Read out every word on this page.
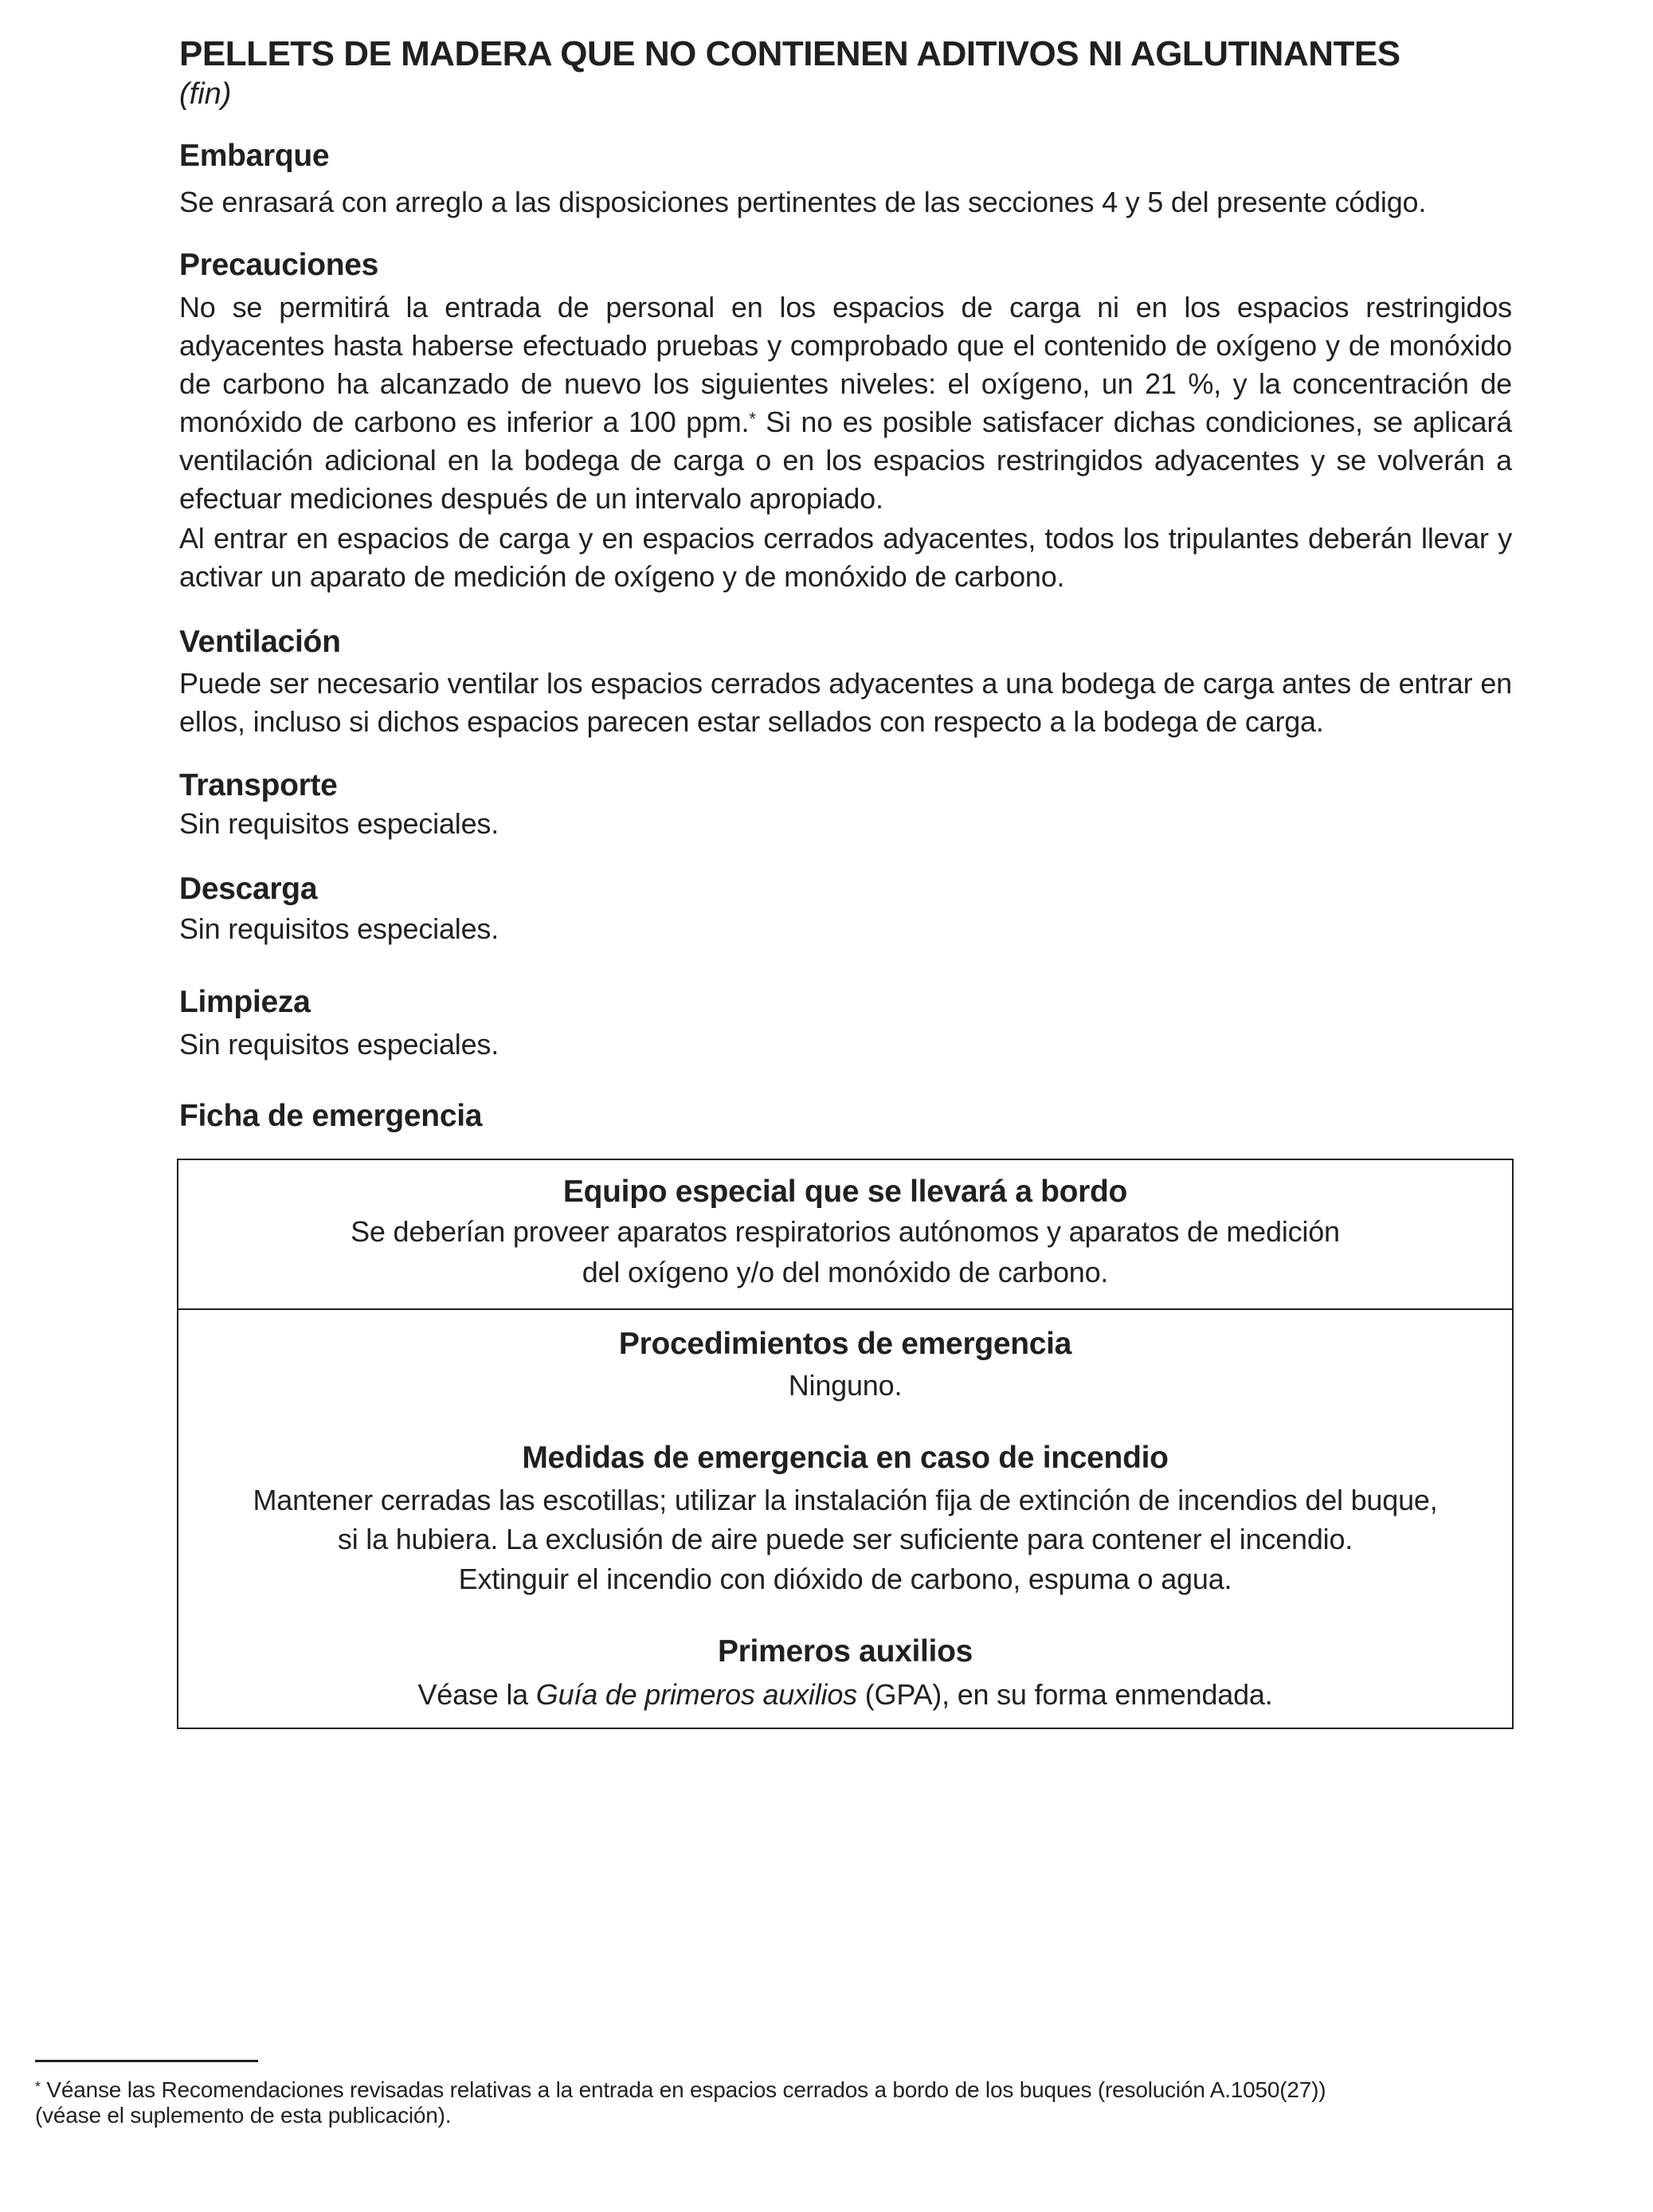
PELLETS DE MADERA QUE NO CONTIENEN ADITIVOS NI AGLUTINANTES
(fin)
Embarque
Se enrasará con arreglo a las disposiciones pertinentes de las secciones 4 y 5 del presente código.
Precauciones
No se permitirá la entrada de personal en los espacios de carga ni en los espacios restringidos adyacentes hasta haberse efectuado pruebas y comprobado que el contenido de oxígeno y de monóxido de carbono ha alcanzado de nuevo los siguientes niveles: el oxígeno, un 21 %, y la concentración de monóxido de carbono es inferior a 100 ppm.* Si no es posible satisfacer dichas condiciones, se aplicará ventilación adicional en la bodega de carga o en los espacios restringidos adyacentes y se volverán a efectuar mediciones después de un intervalo apropiado.
Al entrar en espacios de carga y en espacios cerrados adyacentes, todos los tripulantes deberán llevar y activar un aparato de medición de oxígeno y de monóxido de carbono.
Ventilación
Puede ser necesario ventilar los espacios cerrados adyacentes a una bodega de carga antes de entrar en ellos, incluso si dichos espacios parecen estar sellados con respecto a la bodega de carga.
Transporte
Sin requisitos especiales.
Descarga
Sin requisitos especiales.
Limpieza
Sin requisitos especiales.
Ficha de emergencia
Equipo especial que se llevará a bordo
Se deberían proveer aparatos respiratorios autónomos y aparatos de medición
del oxígeno y/o del monóxido de carbono.
Procedimientos de emergencia
Ninguno.
Medidas de emergencia en caso de incendio
Mantener cerradas las escotillas; utilizar la instalación fija de extinción de incendios del buque,
si la hubiera. La exclusión de aire puede ser suficiente para contener el incendio.
Extinguir el incendio con dióxido de carbono, espuma o agua.
Primeros auxilios
Véase la Guía de primeros auxilios (GPA), en su forma enmendada.
* Véanse las Recomendaciones revisadas relativas a la entrada en espacios cerrados a bordo de los buques (resolución A.1050(27))
(véase el suplemento de esta publicación).
